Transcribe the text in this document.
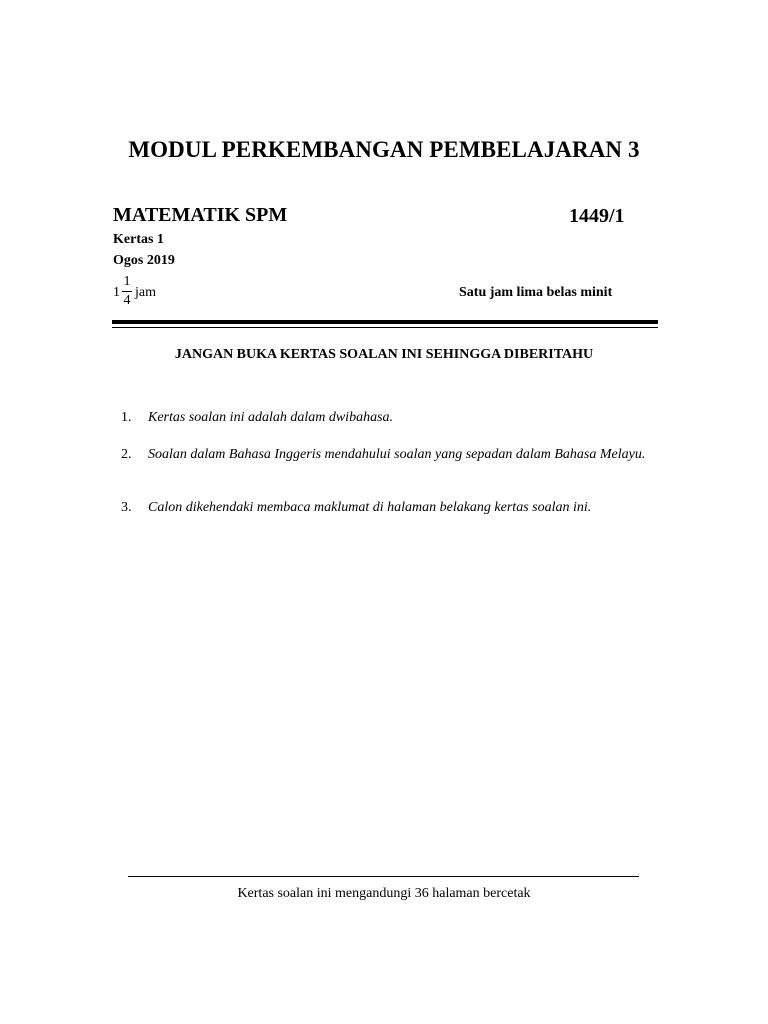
MODUL PERKEMBANGAN PEMBELAJARAN 3
MATEMATIK SPM	1449/1
Kertas 1
Ogos 2019
1
1
4
jam	Satu jam lima belas minit
JANGAN BUKA KERTAS SOALAN INI SEHINGGA DIBERITAHU
1. Kertas soalan ini adalah dalam dwibahasa.
2. Soalan dalam Bahasa Inggeris mendahului soalan yang sepadan dalam Bahasa Melayu.
3. Calon dikehendaki membaca maklumat di halaman belakang kertas soalan ini.
Kertas soalan ini mengandungi 36 halaman bercetak
